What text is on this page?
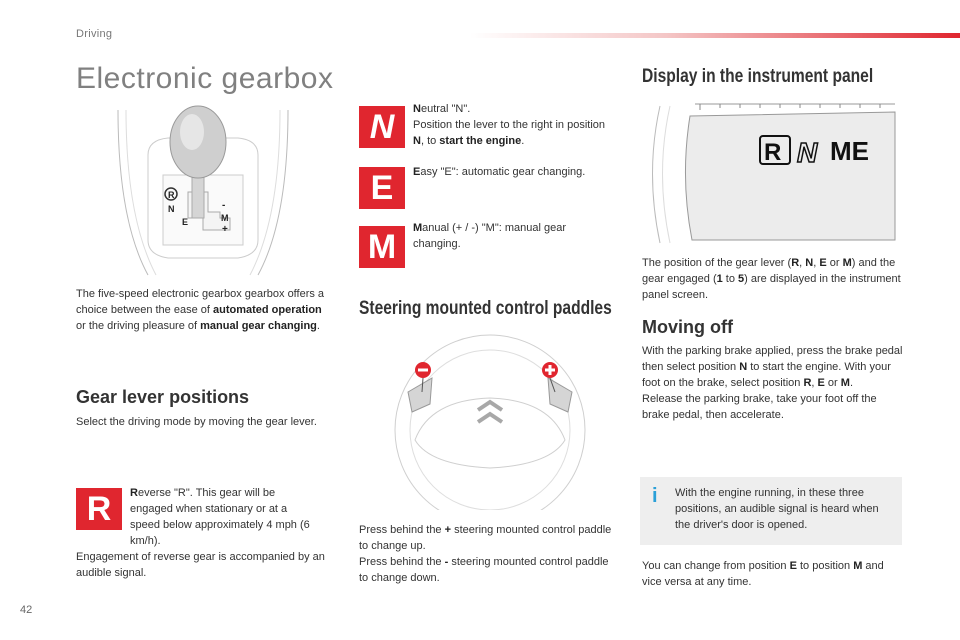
Driving
Electronic gearbox
R
N
E	M
-
+

The five-speed electronic gearbox gearbox offers a choice between the ease of automated operation or the driving pleasure of manual gear changing.

Gear lever positions

Select the driving mode by moving the gear lever.

R	Reverse "R". This gear will be engaged when stationary or at a speed below approximately 4 mph (6 km/h).

Engagement of reverse gear is accompanied by an audible signal.

N	Neutral "N".
Position the lever to the right in position N, to start the engine.

E	Easy "E": automatic gear changing.

M	Manual (+ / -) "M": manual gear changing.

Steering mounted control paddles

Press behind the + steering mounted control paddle to change up.
Press behind the - steering mounted control paddle to change down.

Display in the instrument panel
R N ME

The position of the gear lever (R, N, E or M) and the gear engaged (1 to 5) are displayed in the instrument panel screen.

Moving off

With the parking brake applied, press the brake pedal then select position N to start the engine. With your foot on the brake, select position R, E or M.
Release the parking brake, take your foot off the brake pedal, then accelerate.

i With the engine running, in these three positions, an audible signal is heard when the driver's door is opened.

You can change from position E to position M and vice versa at any time.

42
